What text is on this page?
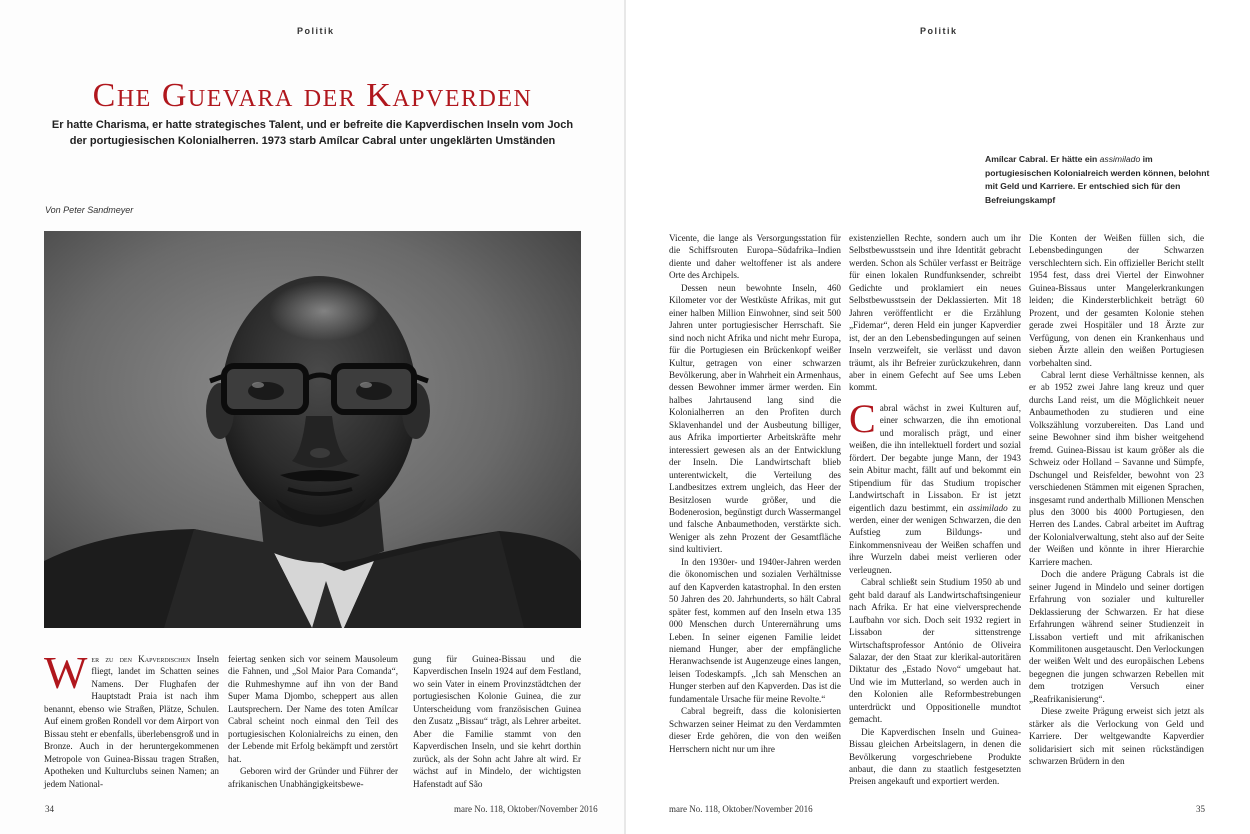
Politik
Che Guevara der Kapverden
Er hatte Charisma, er hatte strategisches Talent, und er befreite die Kapverdischen Inseln vom Joch
der portugiesischen Kolonialherren. 1973 starb Amílcar Cabral unter ungeklärten Umständen
Von Peter Sandmeyer

W er zu den Kapverdischen Inseln fliegt, landet im Schatten seines Namens. Der Flughafen der Hauptstadt Praia ist nach ihm benannt, ebenso wie Straßen, Plätze, Schulen. Auf einem großen Rondell vor dem Airport von Bissau steht er ebenfalls, überlebensgroß und in Bronze. Auch in der heruntergekommenen Metropole von Guinea-Bissau tragen Straßen, Apotheken und Kulturclubs seinen Namen; an jedem National-

feiertag senken sich vor seinem Mausoleum die Fahnen, und „Sol Maior Para Comanda“, die Ruhmeshymne auf ihn von der Band Super Mama Djombo, scheppert aus allen Lautsprechern. Der Name des toten Amílcar Cabral scheint noch einmal den Teil des portugiesischen Kolonialreichs zu einen, den der Lebende mit Erfolg bekämpft und zerstört hat.

Geboren wird der Gründer und Führer der afrikanischen Unabhängigkeitsbewe-

gung für Guinea-Bissau und die Kapverdischen Inseln 1924 auf dem Festland, wo sein Vater in einem Provinzstädtchen der portugiesischen Kolonie Guinea, die zur Unterscheidung vom französischen Guinea den Zusatz „Bissau“ trägt, als Lehrer arbeitet. Aber die Familie stammt von den Kapverdischen Inseln, und sie kehrt dorthin zurück, als der Sohn acht Jahre alt wird. Er wächst auf in Mindelo, der wichtigsten Hafenstadt auf São

34	mare No. 118, Oktober/November 2016
Politik
Amílcar Cabral. Er hätte ein assimilado im portugiesischen Kolonialreich werden können, belohnt mit Geld und Karriere. Er entschied sich für den Befreiungskampf

Vicente, die lange als Versorgungsstation für die Schiffsrouten Europa–Südafrika–Indien diente und daher weltoffener ist als andere Orte des Archipels.

Dessen neun bewohnte Inseln, 460 Kilometer vor der Westküste Afrikas, mit gut einer halben Million Einwohner, sind seit 500 Jahren unter portugiesischer Herrschaft. Sie sind noch nicht Afrika und nicht mehr Europa, für die Portugiesen ein Brückenkopf weißer Kultur, getragen von einer schwarzen Bevölkerung, aber in Wahrheit ein Armenhaus, dessen Bewohner immer ärmer werden. Ein halbes Jahrtausend lang sind die Kolonialherren an den Profiten durch Sklavenhandel und der Ausbeutung billiger, aus Afrika importierter Arbeitskräfte mehr interessiert gewesen als an der Entwicklung der Inseln. Die Landwirtschaft blieb unterentwickelt, die Verteilung des Landbesitzes extrem ungleich, das Heer der Besitzlosen wurde größer, und die Bodenerosion, begünstigt durch Wassermangel und falsche Anbaumethoden, verstärkte sich. Weniger als zehn Prozent der Gesamtfläche sind kultiviert.

In den 1930er- und 1940er-Jahren werden die ökonomischen und sozialen Verhältnisse auf den Kapverden katastrophal. In den ersten 50 Jahren des 20. Jahrhunderts, so hält Cabral später fest, kommen auf den Inseln etwa 135 000 Menschen durch Unterernährung ums Leben. In seiner eigenen Familie leidet niemand Hunger, aber der empfängliche Heranwachsende ist Augenzeuge eines langen, leisen Todeskampfs. „Ich sah Menschen an Hunger sterben auf den Kapverden. Das ist die fundamentale Ursache für meine Revolte.“

Cabral begreift, dass die kolonisierten Schwarzen seiner Heimat zu den Verdammten dieser Erde gehören, die von den weißen Herrschern nicht nur um ihre

existenziellen Rechte, sondern auch um ihr Selbstbewusstsein und ihre Identität gebracht werden. Schon als Schüler verfasst er Beiträge für einen lokalen Rundfunksender, schreibt Gedichte und proklamiert ein neues Selbstbewusstsein der Deklassierten. Mit 18 Jahren veröffentlicht er die Erzählung „Fidemar“, deren Held ein junger Kapverdier ist, der an den Lebensbedingungen auf seinen Inseln verzweifelt, sie verlässt und davon träumt, als ihr Befreier zurückzukehren, dann aber in einem Gefecht auf See ums Leben kommt.

Cabral wächst in zwei Kulturen auf, einer schwarzen, die ihn emotional und moralisch prägt, und einer weißen, die ihn intellektuell fordert und sozial fördert. Der begabte junge Mann, der 1943 sein Abitur macht, fällt auf und bekommt ein Stipendium für das Studium tropischer Landwirtschaft in Lissabon. Er ist jetzt eigentlich dazu bestimmt, ein assimilado zu werden, einer der wenigen Schwarzen, die den Aufstieg zum Bildungs- und Einkommensniveau der Weißen schaffen und ihre Wurzeln dabei meist verlieren oder verleugnen.

Cabral schließt sein Studium 1950 ab und geht bald darauf als Landwirtschaftsingenieur nach Afrika. Er hat eine vielversprechende Laufbahn vor sich. Doch seit 1932 regiert in Lissabon der sittenstrenge Wirtschaftsprofessor António de Oliveira Salazar, der den Staat zur klerikal-autoritären Diktatur des „Estado Novo“ umgebaut hat. Und wie im Mutterland, so werden auch in den Kolonien alle Reformbestrebungen unterdrückt und Oppositionelle mundtot gemacht.

Die Kapverdischen Inseln und Guinea-Bissau gleichen Arbeitslagern, in denen die Bevölkerung vorgeschriebene Produkte anbaut, die dann zu staatlich festgesetzten Preisen angekauft und exportiert werden.

Die Konten der Weißen füllen sich, die Lebensbedingungen der Schwarzen verschlechtern sich. Ein offizieller Bericht stellt 1954 fest, dass drei Viertel der Einwohner Guinea-Bissaus unter Mangelerkrankungen leiden; die Kindersterblichkeit beträgt 60 Prozent, und der gesamten Kolonie stehen gerade zwei Hospitäler und 18 Ärzte zur Verfügung, von denen ein Krankenhaus und sieben Ärzte allein den weißen Portugiesen vorbehalten sind.

Cabral lernt diese Verhältnisse kennen, als er ab 1952 zwei Jahre lang kreuz und quer durchs Land reist, um die Möglichkeit neuer Anbaumethoden zu studieren und eine Volkszählung vorzubereiten. Das Land und seine Bewohner sind ihm bisher weitgehend fremd. Guinea-Bissau ist kaum größer als die Schweiz oder Holland – Savanne und Sümpfe, Dschungel und Reisfelder, bewohnt von 23 verschiedenen Stämmen mit eigenen Sprachen, insgesamt rund anderthalb Millionen Menschen plus den 3000 bis 4000 Portugiesen, den Herren des Landes. Cabral arbeitet im Auftrag der Kolonialverwaltung, steht also auf der Seite der Weißen und könnte in ihrer Hierarchie Karriere machen.

Doch die andere Prägung Cabrals ist die seiner Jugend in Mindelo und seiner dortigen Erfahrung von sozialer und kultureller Deklassierung der Schwarzen. Er hat diese Erfahrungen während seiner Studienzeit in Lissabon vertieft und mit afrikanischen Kommilitonen ausgetauscht. Den Verlockungen der weißen Welt und des europäischen Lebens begegnen die jungen schwarzen Rebellen mit dem trotzigen Versuch einer „Reafrikanisierung“.

Diese zweite Prägung erweist sich jetzt als stärker als die Verlockung von Geld und Karriere. Der weltgewandte Kapverdier solidarisiert sich mit seinen rückständigen schwarzen Brüdern in den

mare No. 118, Oktober/November 2016	35
